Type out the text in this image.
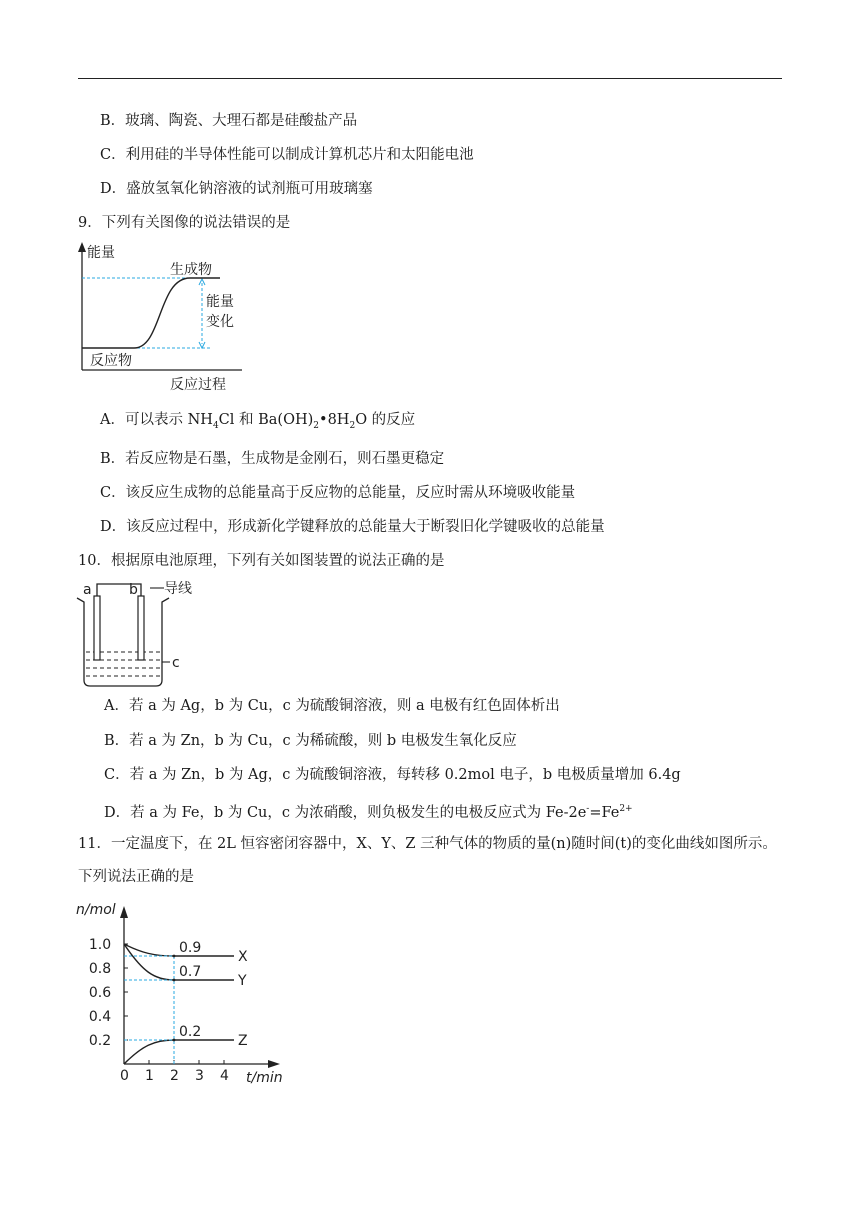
B．玻璃、陶瓷、大理石都是硅酸盐产品
C．利用硅的半导体性能可以制成计算机芯片和太阳能电池
D．盛放氢氧化钠溶液的试剂瓶可用玻璃塞
9．下列有关图像的说法错误的是
能量
生成物
反应物
能量
变化
反应过程
A．可以表示 $NH_4Cl$ 和 $Ba(OH)_2•8H_2O$ 的反应
B．若反应物是石墨，生成物是金刚石，则石墨更稳定
C．该反应生成物的总能量高于反应物的总能量，反应时需从环境吸收能量
D．该反应过程中，形成新化学键释放的总能量大于断裂旧化学键吸收的总能量
10．根据原电池原理，下列有关如图装置的说法正确的是
a	b 导线
c
A．若 a 为 Ag，b 为 Cu，c 为硫酸铜溶液，则 a 电极有红色固体析出
B．若 a 为 Zn，b 为 Cu，c 为稀硫酸，则 b 电极发生氧化反应
C．若 a 为 Zn，b 为 Ag，c 为硫酸铜溶液，每转移 0.2mol 电子，b 电极质量增加 6.4g
D．若 a 为 Fe，b 为 Cu，c 为浓硝酸，则负极发生的电极反应式为 $Fe-2e^-=Fe^{2+}$
11．一定温度下，在 2L 恒容密闭容器中，X、Y、Z 三种气体的物质的量(n)随时间(t)的变化曲线如图所示。
下列说法正确的是
n/mol
t/min
0 1 2 3 4
0.2
0.4
0.6
0.8
1.0	0.9
X
0.7
Y
0.2
Z
